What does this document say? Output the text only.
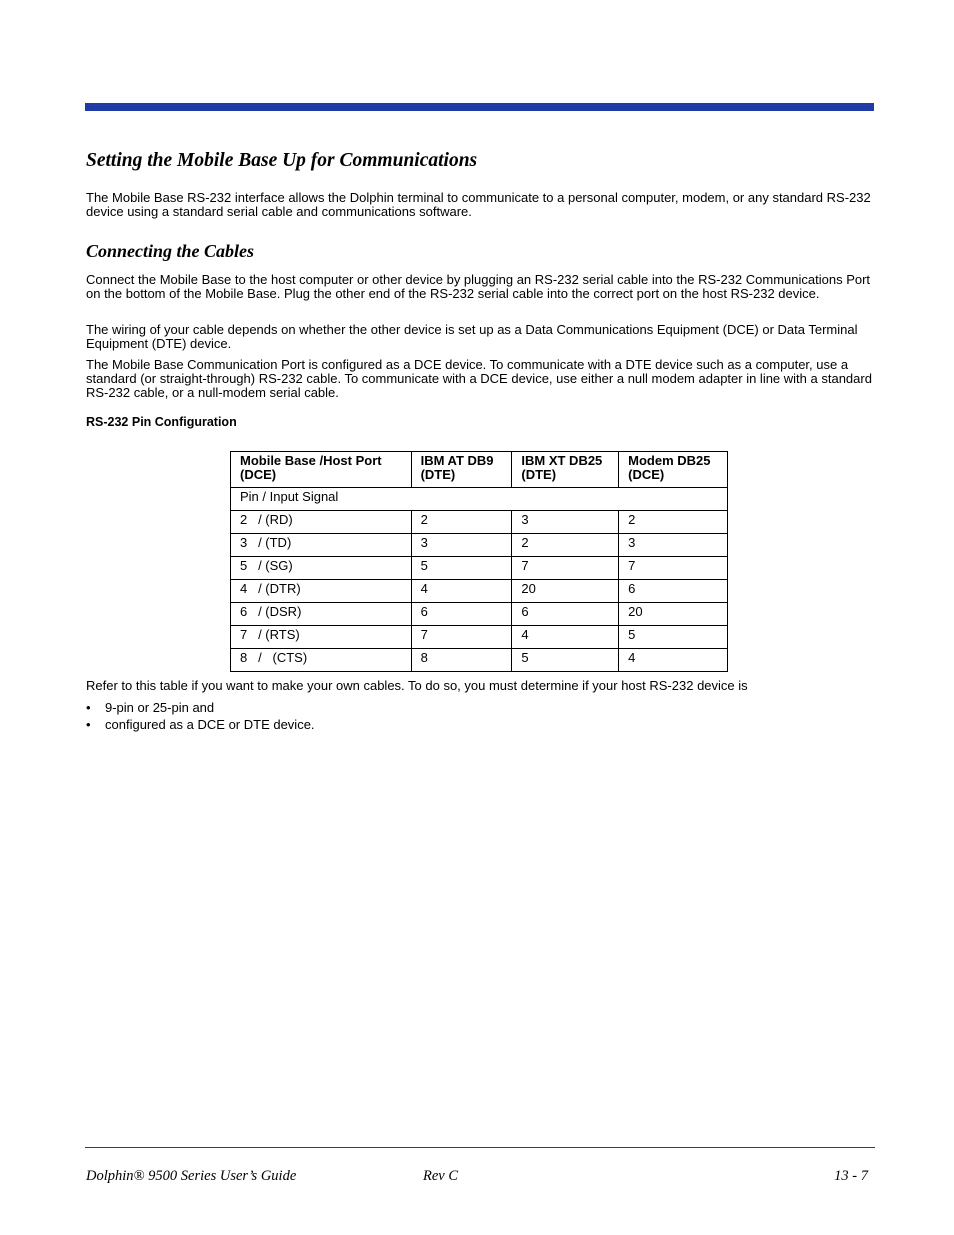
Setting the Mobile Base Up for Communications

The Mobile Base RS-232 interface allows the Dolphin terminal to communicate to a personal computer, modem, or any standard RS-232 device using a standard serial cable and communications software.

Connecting the Cables

Connect the Mobile Base to the host computer or other device by plugging an RS-232 serial cable into the RS-232 Communications Port on the bottom of the Mobile Base. Plug the other end of the RS-232 serial cable into the correct port on the host RS-232 device.

The wiring of your cable depends on whether the other device is set up as a Data Communications Equipment (DCE) or Data Terminal Equipment (DTE) device.

The Mobile Base Communication Port is configured as a DCE device. To communicate with a DTE device such as a computer, use a standard (or straight-through) RS-232 cable. To communicate with a DCE device, use either a null modem adapter in line with a standard RS-232 cable, or a null-modem serial cable.

RS-232 Pin Configuration

Mobile Base /Host Port (DCE)	IBM AT DB9 (DTE)	IBM XT DB25 (DTE)	Modem DB25 (DCE)
Pin / Input Signal			
2   / (RD)	2	3	2
3   / (TD)	3	2	3
5   / (SG)	5	7	7
4   / (DTR)	4	20	6
6   / (DSR)	6	6	20
7   / (RTS)	7	4	5
8   /   (CTS)	8	5	4

Refer to this table if you want to make your own cables. To do so, you must determine if your host RS-232 device is

• 9-pin or 25-pin and
• configured as a DCE or DTE device.

Dolphin® 9500 Series User’s Guide	Rev C	13 - 7
